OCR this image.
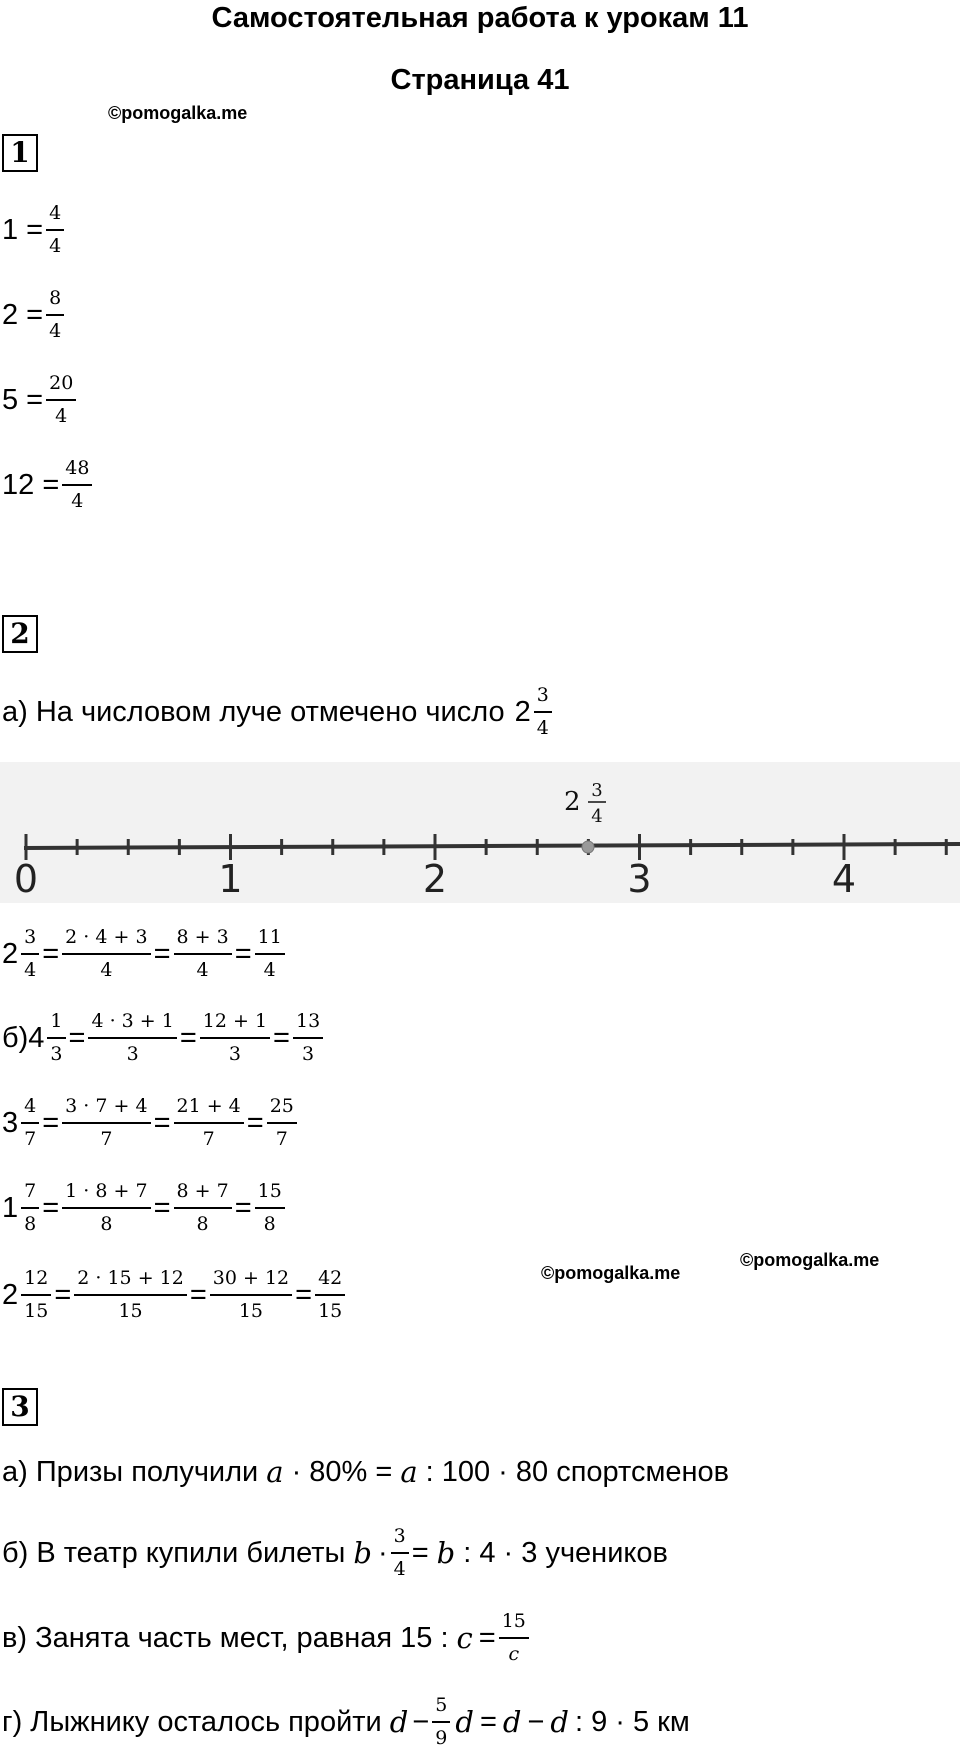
Самостоятельная работа к урокам 11
Страница 41
©pomogalka.me
1
$1 = \frac{4}{4}$
$2 = \frac{8}{4}$
$5 = \frac{20}{4}$
$12 = \frac{48}{4}$
2
а) На числовом луче отмечено число $2 \frac{3}{4}$
0	1	2	3	4
2 3
4
$2 \frac{3}{4} = \frac{2 \cdot 4 + 3}{4} = \frac{8 + 3}{4} = \frac{11}{4}$
б) $4 \frac{1}{3} = \frac{4 \cdot 3 + 1}{3} = \frac{12 + 1}{3} = \frac{13}{3}$
$3 \frac{4}{7} = \frac{3 \cdot 7 + 4}{7} = \frac{21 + 4}{7} = \frac{25}{7}$
$1 \frac{7}{8} = \frac{1 \cdot 8 + 7}{8} = \frac{8 + 7}{8} = \frac{15}{8}$
$2 \frac{12}{15} = \frac{2 \cdot 15 + 12}{15} = \frac{30 + 12}{15} = \frac{42}{15}$	©pomogalka.me
©pomogalka.me
3
а) Призы получили a · 80% = a : 100 · 80 спортсменов
б) В театр купили билеты $b \cdot \frac{3}{4} = b$ : 4 · 3 учеников
в) Занята часть мест, равная 15 : $c = \frac{15}{c}$
г) Лыжнику осталось пройти $d - \frac{5}{9}$ d = d − d : 9 · 5 км
